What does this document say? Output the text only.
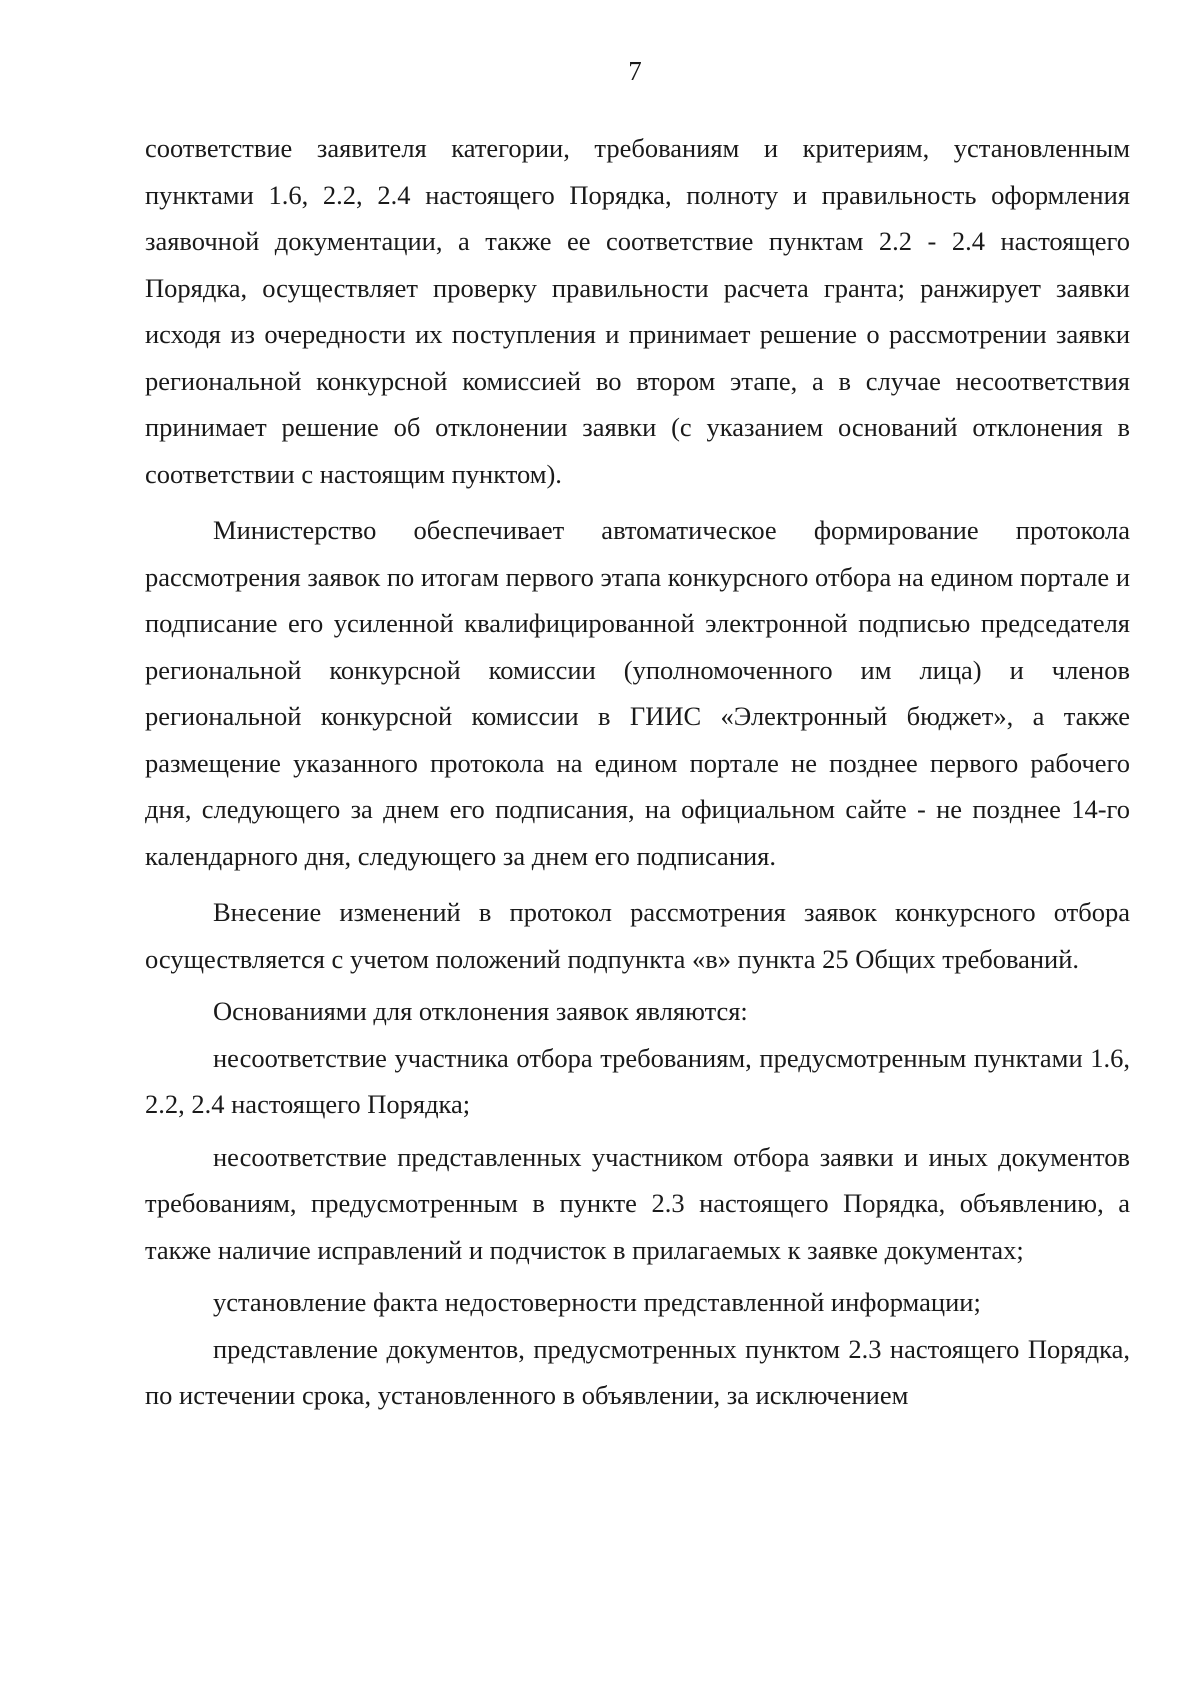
7

соответствие заявителя категории, требованиям и критериям, установленным пунктами 1.6, 2.2, 2.4 настоящего Порядка, полноту и правильность оформления заявочной документации, а также ее соответствие пунктам 2.2 - 2.4 настоящего Порядка, осуществляет проверку правильности расчета гранта; ранжирует заявки исходя из очередности их поступления и принимает решение о рассмотрении заявки региональной конкурсной комиссией во втором этапе, а в случае несоответствия принимает решение об отклонении заявки (с указанием оснований отклонения в соответствии с настоящим пунктом).

Министерство обеспечивает автоматическое формирование протокола рассмотрения заявок по итогам первого этапа конкурсного отбора на едином портале и подписание его усиленной квалифицированной электронной подписью председателя региональной конкурсной комиссии (уполномоченного им лица) и членов региональной конкурсной комиссии в ГИИС «Электронный бюджет», а также размещение указанного протокола на едином портале не позднее первого рабочего дня, следующего за днем его подписания, на официальном сайте - не позднее 14-го календарного дня, следующего за днем его подписания.

Внесение изменений в протокол рассмотрения заявок конкурсного отбора осуществляется с учетом положений подпункта «в» пункта 25 Общих требований.

Основаниями для отклонения заявок являются:

несоответствие участника отбора требованиям, предусмотренным пунктами 1.6, 2.2, 2.4 настоящего Порядка;

несоответствие представленных участником отбора заявки и иных документов требованиям, предусмотренным в пункте 2.3 настоящего Порядка, объявлению, а также наличие исправлений и подчисток в прилагаемых к заявке документах;

установление факта недостоверности представленной информации;

представление документов, предусмотренных пунктом 2.3 настоящего Порядка, по истечении срока, установленного в объявлении, за исключением
